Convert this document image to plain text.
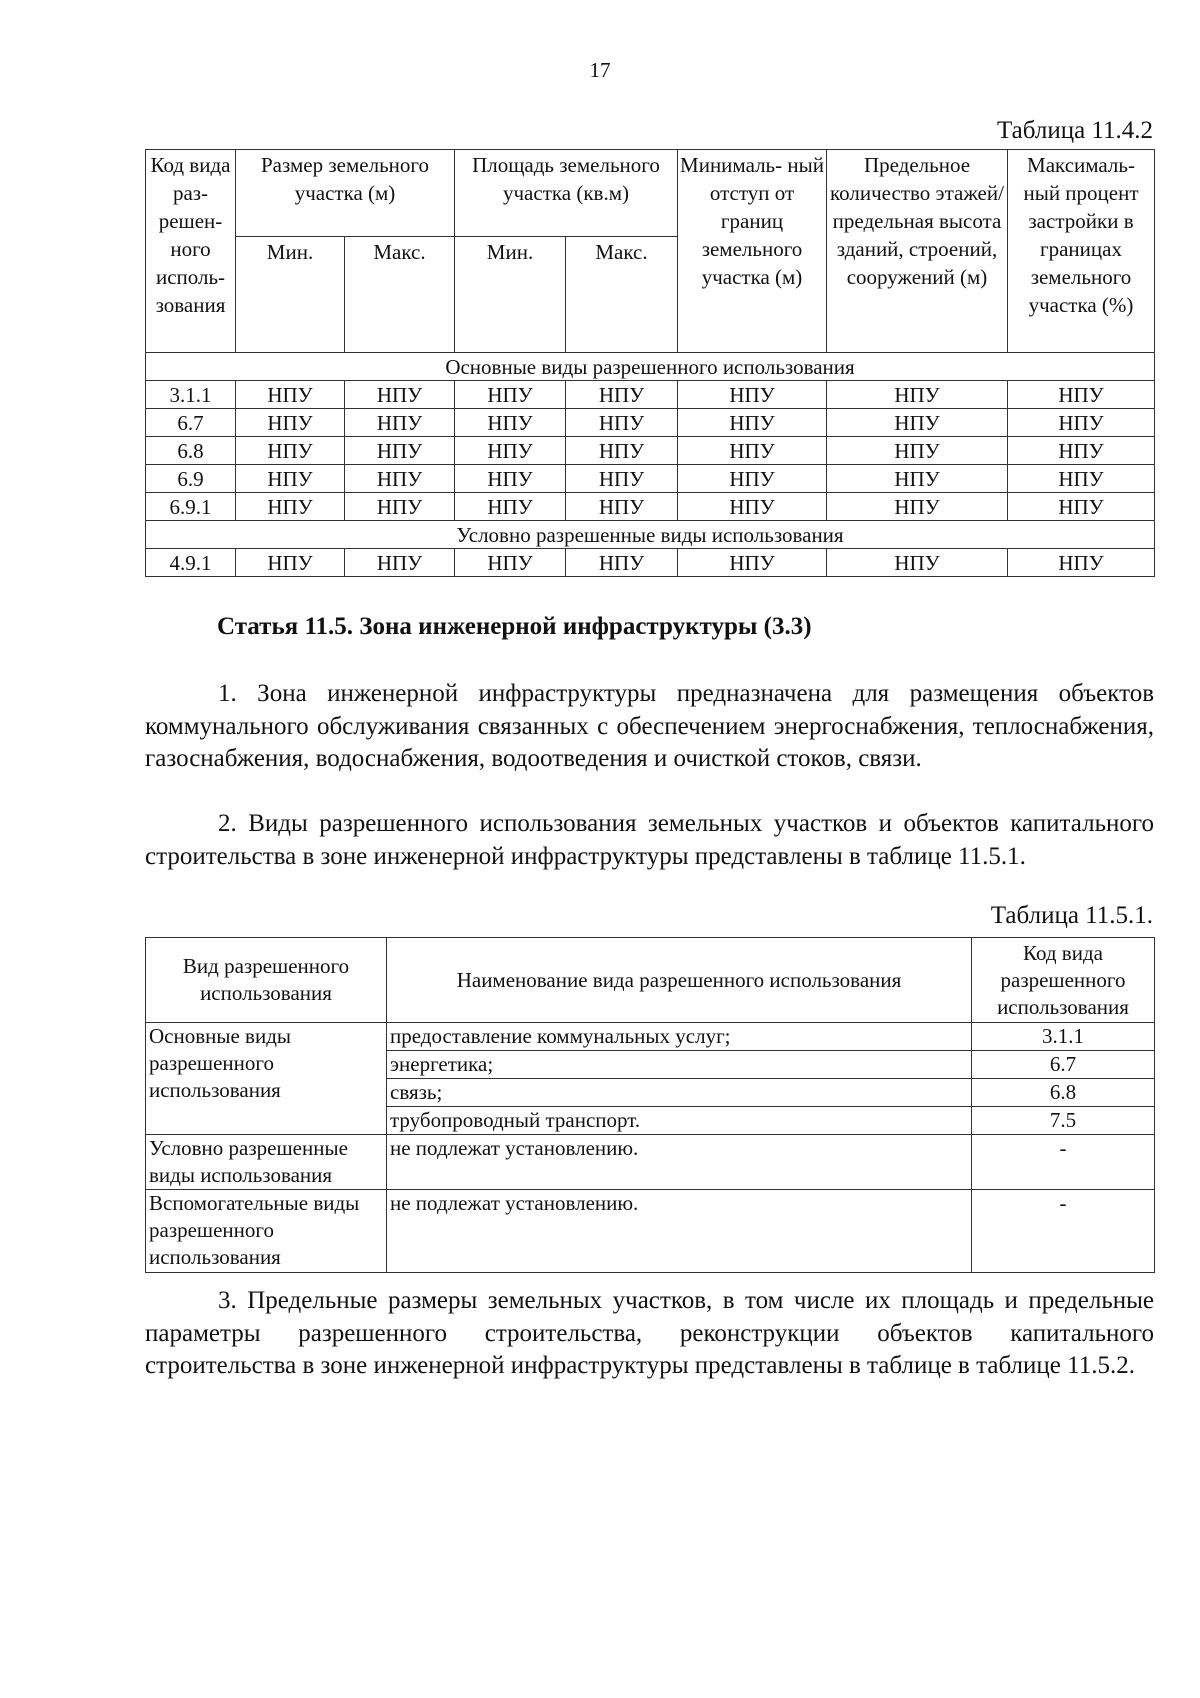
17
Таблица 11.4.2
Код вида раз- решен- ного исполь- зования	Размер земельного участка (м)		Площадь земельного участка (кв.м)		Минималь- ный отступ от границ земельного участка (м)	Предельное количество этажей/ предельная высота зданий, строений, сооружений (м)	Максималь- ный процент застройки в границах земельного участка (%)
	Мин.	Макс.	Мин.	Макс.			
Основные виды разрешенного использования							
3.1.1	НПУ	НПУ	НПУ	НПУ	НПУ	НПУ	НПУ
6.7	НПУ	НПУ	НПУ	НПУ	НПУ	НПУ	НПУ
6.8	НПУ	НПУ	НПУ	НПУ	НПУ	НПУ	НПУ
6.9	НПУ	НПУ	НПУ	НПУ	НПУ	НПУ	НПУ
6.9.1	НПУ	НПУ	НПУ	НПУ	НПУ	НПУ	НПУ
Условно разрешенные виды использования							
4.9.1	НПУ	НПУ	НПУ	НПУ	НПУ	НПУ	НПУ
Статья 11.5. Зона инженерной инфраструктуры (3.3)

1. Зона инженерной инфраструктуры предназначена для размещения объектов коммунального обслуживания связанных с обеспечением энергоснабжения, теплоснабжения, газоснабжения, водоснабжения, водоотведения и очисткой стоков, связи.

2. Виды разрешенного использования земельных участков и объектов капитального строительства в зоне инженерной инфраструктуры представлены в таблице 11.5.1.

Таблица 11.5.1.
Вид разрешенного использования	Наименование вида разрешенного использования	Код вида разрешенного использования
Основные виды разрешенного использования	предоставление коммунальных услуг;	3.1.1
	энергетика;	6.7
	связь;	6.8
	трубопроводный транспорт.	7.5
Условно разрешенные виды использования	не подлежат установлению.	-
Вспомогательные виды разрешенного использования	не подлежат установлению.	-

3. Предельные размеры земельных участков, в том числе их площадь и предельные параметры разрешенного строительства, реконструкции объектов капитального строительства в зоне инженерной инфраструктуры представлены в таблице в таблице 11.5.2.
